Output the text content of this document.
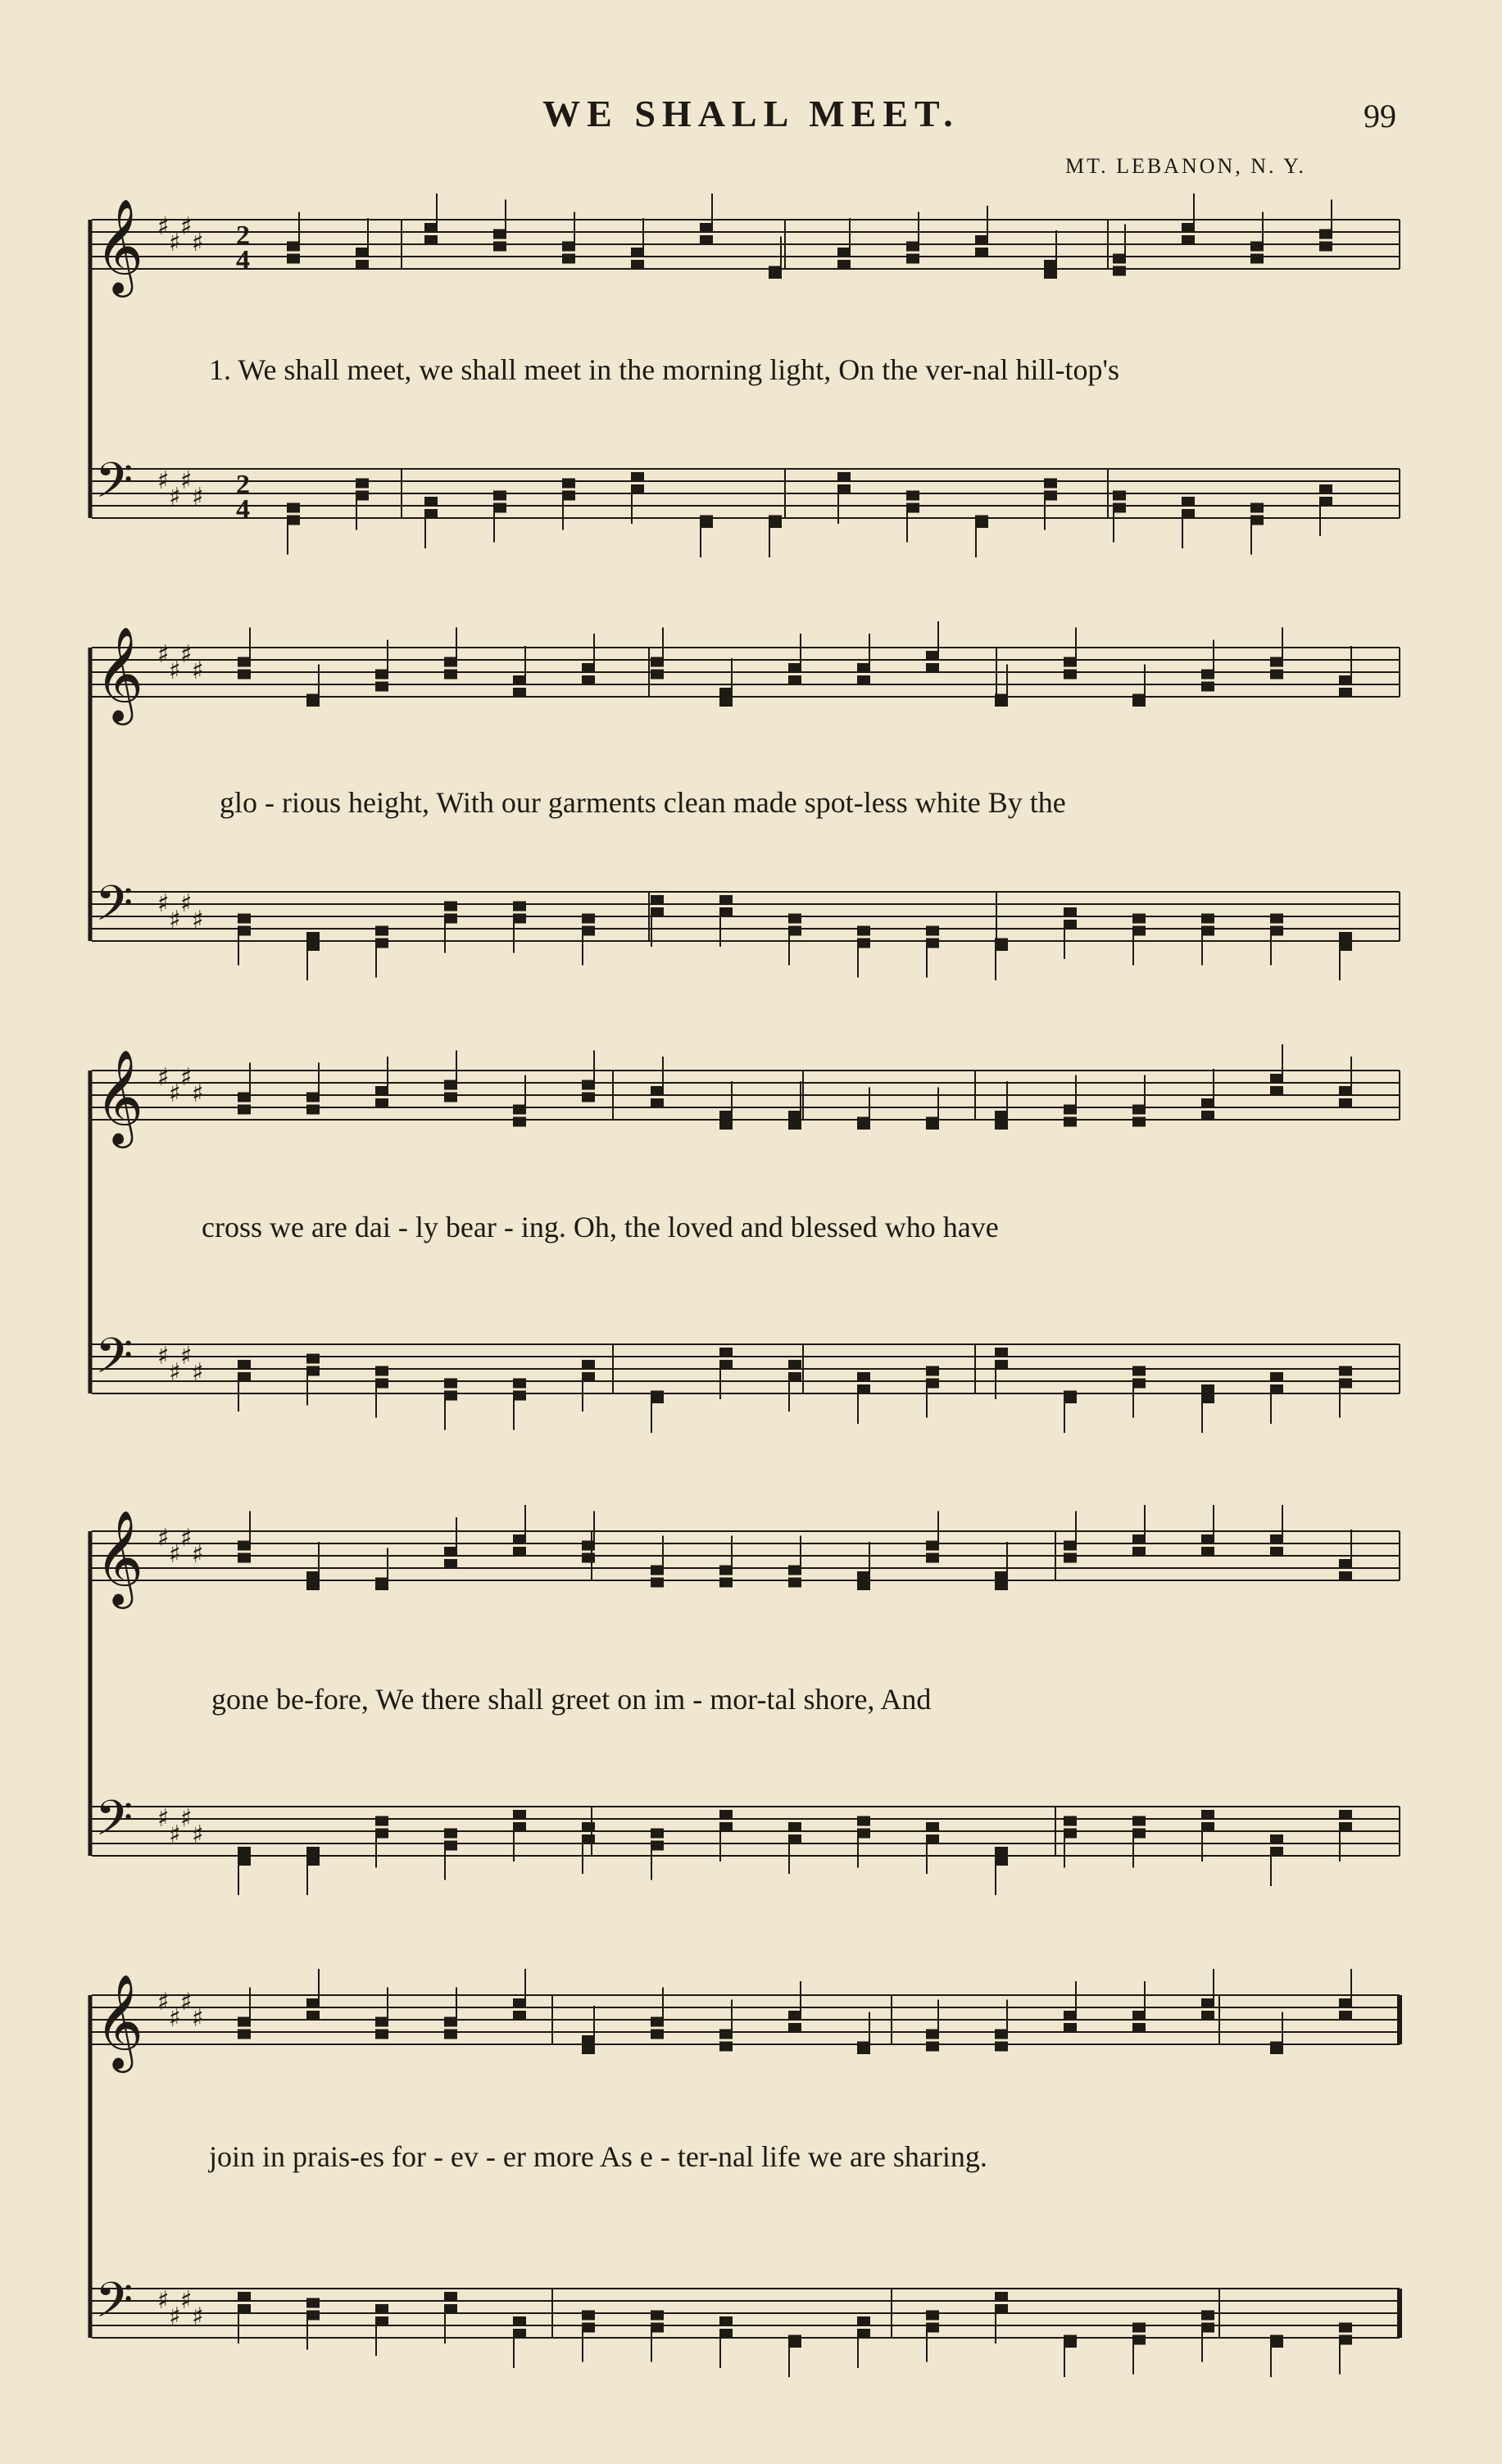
WE SHALL MEET.	99
MT. LEBANON, N. Y.
𝄞 ♯
♯
♯
♯ 2
4
𝄢 ♯
♯
♯
♯ 2
4
𝄞 ♯
♯
♯
♯
𝄢 ♯
♯
♯
♯
𝄞 ♯
♯
♯
♯
𝄢 ♯
♯
♯
♯
𝄞 ♯
♯
♯
♯
𝄢 ♯
♯
♯
♯
𝄞 ♯
♯
♯
♯
𝄢 ♯
♯
♯
♯
1. We shall meet, we shall meet in the morning light, On the ver-nal hill-top's
glo - rious height, With our garments clean made spot-less white By the
cross we are dai - ly bear - ing. Oh, the loved and blessed who have
gone be-fore, We there shall greet on im - mor-tal shore, And
join in prais-es for - ev - er more As e - ter-nal life we are sharing.
